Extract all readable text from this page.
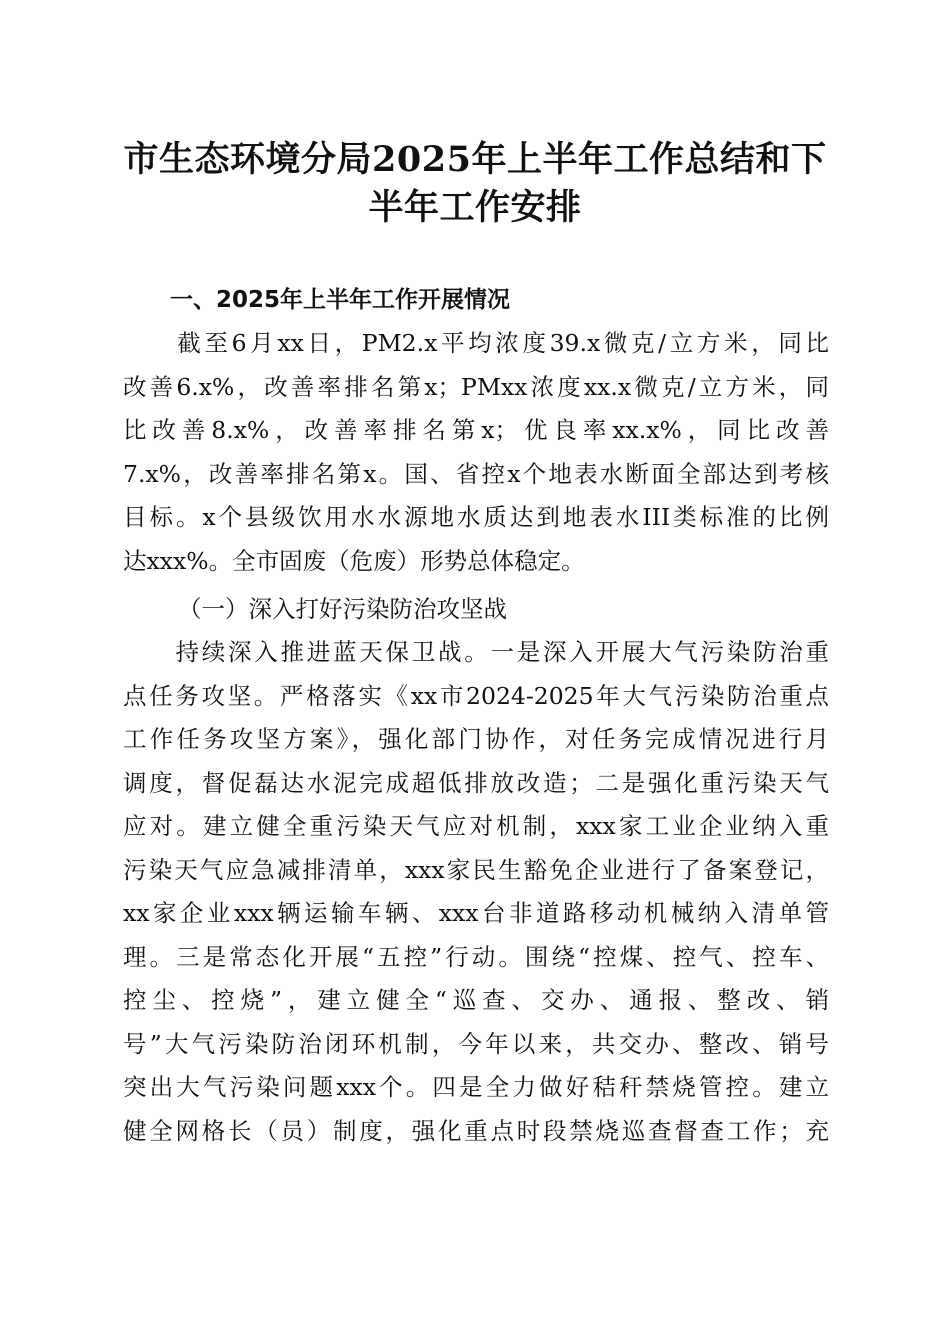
市生态环境分局2025年上半年工作总结和下
半年工作安排
一、2025年上半年工作开展情况
　　截至6月xx日，PM2.x平均浓度39.x微克/立方米，同比
改善6.x%，改善率排名第x；PMxx浓度xx.x微克/立方米，同
比改善8.x%，改善率排名第x；优良率xx.x%，同比改善
7.x%，改善率排名第x。国、省控x个地表水断面全部达到考核
目标。x个县级饮用水水源地水质达到地表水III类标准的比例
达xxx%。全市固废（危废）形势总体稳定。
（一）深入打好污染防治攻坚战
　　持续深入推进蓝天保卫战。一是深入开展大气污染防治重
点任务攻坚。严格落实《xx市2024-2025年大气污染防治重点
工作任务攻坚方案》，强化部门协作，对任务完成情况进行月
调度，督促磊达水泥完成超低排放改造；二是强化重污染天气
应对。建立健全重污染天气应对机制，xxx家工业企业纳入重
污染天气应急减排清单，xxx家民生豁免企业进行了备案登记，
xx家企业xxx辆运输车辆、xxx台非道路移动机械纳入清单管
理。三是常态化开展“五控”行动。围绕“控煤、控气、控车、
控尘、控烧”，建立健全“巡查、交办、通报、整改、销
号”大气污染防治闭环机制，今年以来，共交办、整改、销号
突出大气污染问题xxx个。四是全力做好秸秆禁烧管控。建立
健全网格长（员）制度，强化重点时段禁烧巡查督查工作；充
